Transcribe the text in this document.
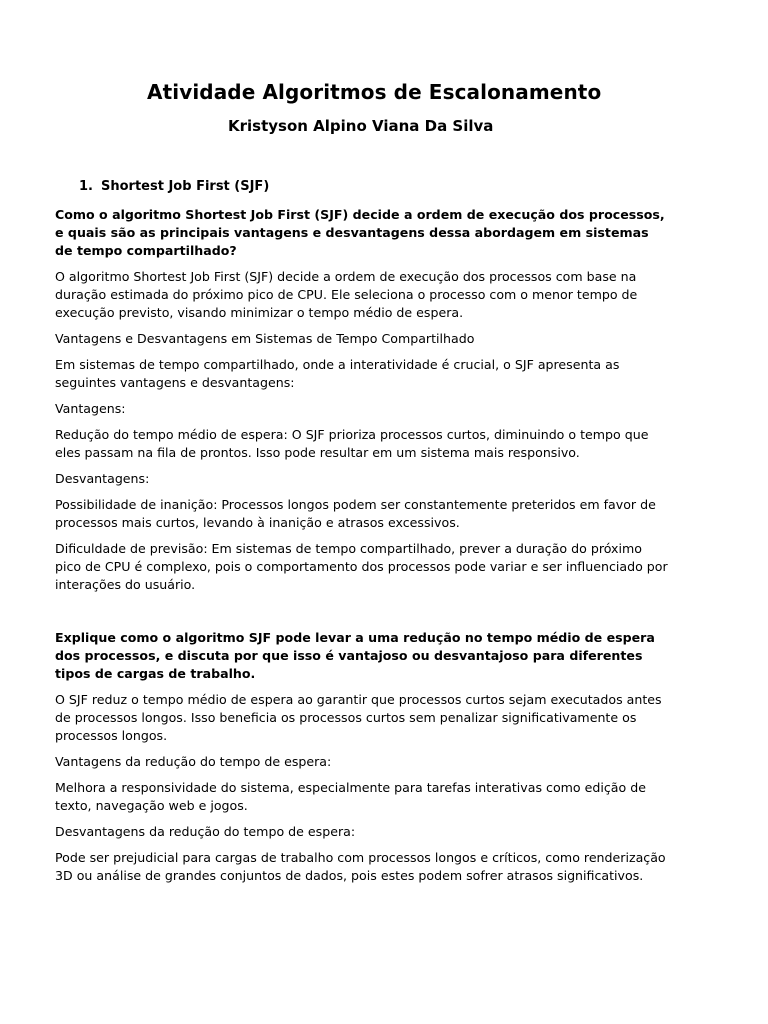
Atividade Algoritmos de Escalonamento

Kristyson Alpino Viana Da Silva

1. Shortest Job First (SJF)

Como o algoritmo Shortest Job First (SJF) decide a ordem de execução dos processos, e quais são as principais vantagens e desvantagens dessa abordagem em sistemas de tempo compartilhado?

O algoritmo Shortest Job First (SJF) decide a ordem de execução dos processos com base na duração estimada do próximo pico de CPU. Ele seleciona o processo com o menor tempo de execução previsto, visando minimizar o tempo médio de espera.

Vantagens e Desvantagens em Sistemas de Tempo Compartilhado

Em sistemas de tempo compartilhado, onde a interatividade é crucial, o SJF apresenta as seguintes vantagens e desvantagens:

Vantagens:

Redução do tempo médio de espera: O SJF prioriza processos curtos, diminuindo o tempo que eles passam na fila de prontos. Isso pode resultar em um sistema mais responsivo.

Desvantagens:

Possibilidade de inanição: Processos longos podem ser constantemente preteridos em favor de processos mais curtos, levando à inanição e atrasos excessivos.

Dificuldade de previsão: Em sistemas de tempo compartilhado, prever a duração do próximo pico de CPU é complexo, pois o comportamento dos processos pode variar e ser influenciado por interações do usuário.

Explique como o algoritmo SJF pode levar a uma redução no tempo médio de espera dos processos, e discuta por que isso é vantajoso ou desvantajoso para diferentes tipos de cargas de trabalho.

O SJF reduz o tempo médio de espera ao garantir que processos curtos sejam executados antes de processos longos. Isso beneficia os processos curtos sem penalizar significativamente os processos longos.

Vantagens da redução do tempo de espera:

Melhora a responsividade do sistema, especialmente para tarefas interativas como edição de texto, navegação web e jogos.

Desvantagens da redução do tempo de espera:

Pode ser prejudicial para cargas de trabalho com processos longos e críticos, como renderização 3D ou análise de grandes conjuntos de dados, pois estes podem sofrer atrasos significativos.
